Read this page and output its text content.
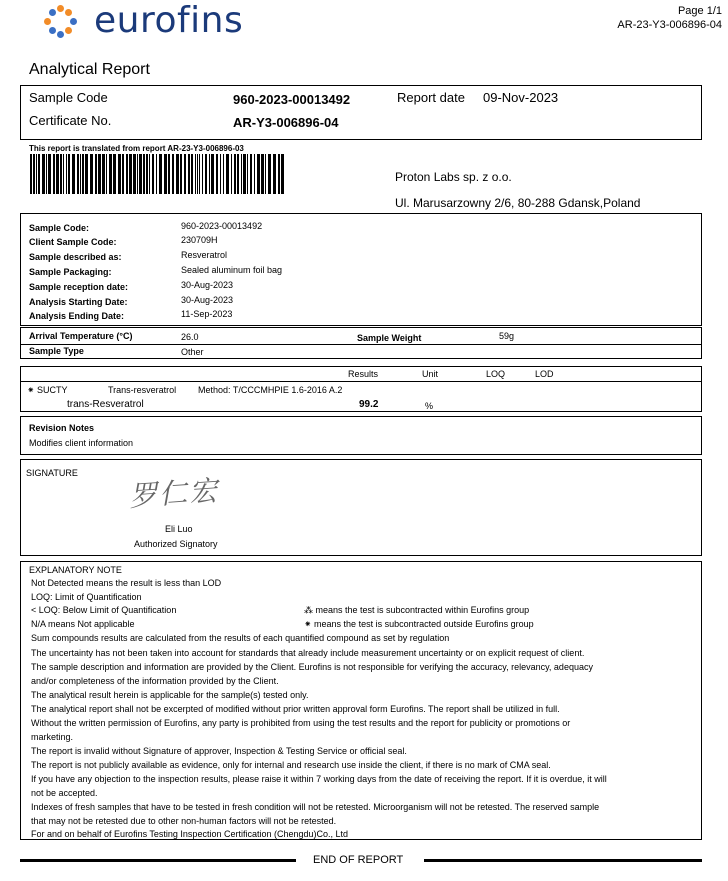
eurofins	Page 1/1
AR-23-Y3-006896-04
Analytical Report
Sample Code	960-2023-00013492	Report date 09-Nov-2023
Certificate No.	AR-Y3-006896-04
This report is translated from report AR-23-Y3-006896-03
Proton Labs sp. z o.o.
Ul. Marusarzowny 2/6, 80-288 Gdansk,Poland
Sample Code:	960-2023-00013492
Client Sample Code:	230709H
Sample described as:	Resveratrol
Sample Packaging:	Sealed aluminum foil bag
Sample reception date:	30-Aug-2023
Analysis Starting Date:	30-Aug-2023
Analysis Ending Date:	11-Sep-2023
Arrival Temperature (°C)	26.0	Sample Weight	59g
Sample Type	Other
Results	Unit	LOQ	LOD
⁕ SUCTY	Trans-resveratrol Method: T/CCCMHPIE 1.6-2016 A.2
trans-Resveratrol	99.2	%
Revision Notes
Modifies client information
SIGNATURE
罗仁宏
Eli Luo
Authorized Signatory
EXPLANATORY NOTE
Not Detected means the result is less than LOD
LOQ: Limit of Quantification
< LOQ: Below Limit of Quantification
N/A means Not applicable
Sum compounds results are calculated from the results of each quantified compound as set by regulation
The uncertainty has not been taken into account for standards that already include measurement uncertainty or on explicit request of client.
The sample description and information are provided by the Client. Eurofins is not responsible for verifying the accuracy, relevancy, adequacy
and/or completeness of the information provided by the Client.
The analytical result herein is applicable for the sample(s) tested only.
The analytical report shall not be excerpted of modified without prior written approval form Eurofins. The report shall be utilized in full.
Without the written permission of Eurofins, any party is prohibited from using the test results and the report for publicity or promotions or
marketing.
The report is invalid without Signature of approver, Inspection & Testing Service or official seal.
The report is not publicly available as evidence, only for internal and research use inside the client, if there is no mark of CMA seal.
If you have any objection to the inspection results, please raise it within 7 working days from the date of receiving the report. If it is overdue, it will
not be accepted.
Indexes of fresh samples that have to be tested in fresh condition will not be retested. Microorganism will not be retested. The reserved sample
that may not be retested due to other non-human factors will not be retested.
For and on behalf of Eurofins Testing Inspection Certification (Chengdu)Co., Ltd
⁂ means the test is subcontracted within Eurofins group
⁕ means the test is subcontracted outside Eurofins group
END OF REPORT
